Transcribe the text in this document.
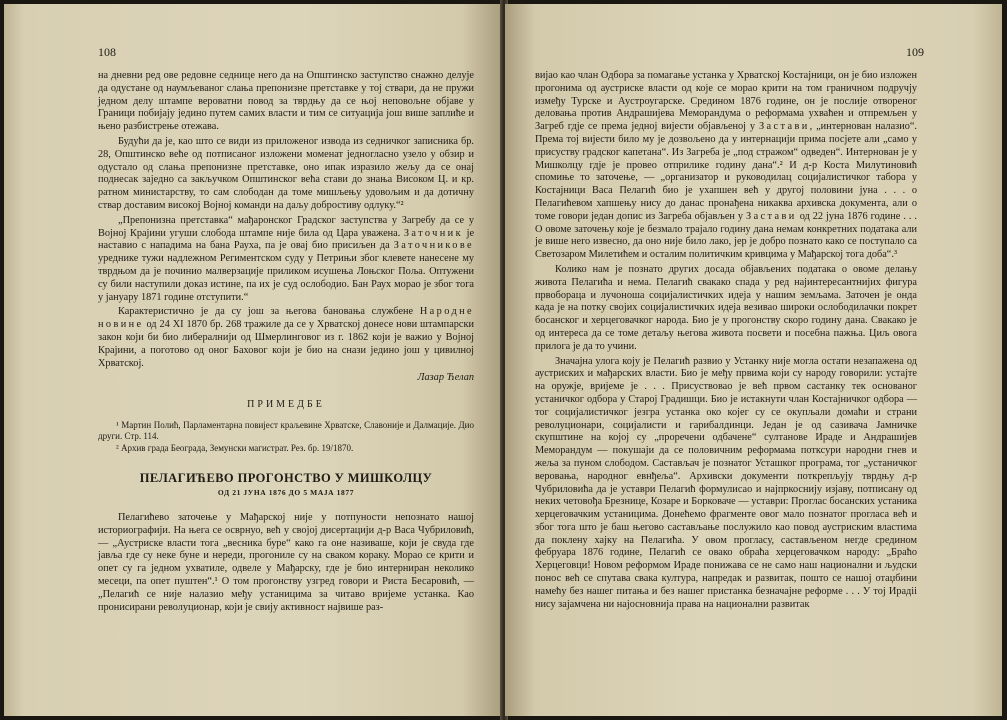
108

на дневни ред ове редовне седнице него да на Општинско заступство снажно делује да одустане од наумљеваног слања препонизне претставке у тој ствари, да не пружи једном делу штампе вероватни повод за тврдњу да се њој неповољне објаве у Граници побијају једино путем самих власти и тим се ситуација још више заплиће и њено разбистрење отежава.

Будући да је, као што се види из приложеног извода из седничког записника бр. 28, Општинско веће од потписаног изложени моменат једногласно узело у обзир и одустало од слања препонизне претставке, оно ипак изразило жељу да се онај поднесак заједно са закључком Општинског већа стави до знања Високом Ц. и кр. ратном министарству, то сам слободан да томе мишљењу удовољим и да дотичну ствар доставим високој Војној команди на даљу добростиву одлуку.“²

„Препонизна претставка“ мађаронског Градског заступства у Загребу да се у Војној Крајини угуши слобода штампе није била од Цара уважена. Заточник је наставио с нападима на бана Рауха, па је овај био присиљен да Заточникове уреднике тужи надлежном Региментском суду у Петрињи због клевете нанесене му тврдњом да је починио малверзације приликом исушења Лоњског Поља. Оптужени су били наступили доказ истине, па их је суд ослободио. Бан Раух морао је због тога у јануару 1871 године отступити.“

Карактеристично је да су још за његова бановања службене Народне новине од 24 XI 1870 бр. 268 тражиле да се у Хрватској донесе нови штампарски закон који би био либералнији од Шмерлинговог из г. 1862 који је важио у Војној Крајини, а поготово од оног Баховог који је био на снази једино још у цивилној Хрватској.

Лазар Ћелап

ПРИМЕДБЕ

¹ Мартин Полић, Парламентарна повијест краљевине Хрватске, Славоније и Далмације. Дио други. Стр. 114.

² Архив града Београда, Земунски магистрат. Рез. бр. 19/1870.

ПЕЛАГИЋЕВО ПРОГОНСТВО У МИШКОЛЦУ

ОД 21 ЈУНА 1876 ДО 5 МАЈА 1877

Пелагићево заточење у Мађарској није у потпуности непознато нашој историографији. На њега се осврнуо, већ у својој дисертацији д-р Васа Чубриловић, — „Аустриске власти тога „весника буре“ како га оне називаше, који је свуда где јавља где су неке буне и нереди, прогониле су на сваком кораку. Морао се крити и опет су га једном ухватиле, одвеле у Мађарску, где је био интерниран неколико месеци, па опет пуштен“.¹ О том прогонству узгред говори и Риста Бесаровић, — „Пелагић се није налазио међу устаницима за читаво вријеме устанка. Као пронисирани револуционар, који је свију активност највише раз-

109

вијао као члан Одбора за помагање устанка у Хрватској Костајници, он је био изложен прогонима од аустриске власти од које се морао крити на том граничном подручју између Турске и Аустроугарске. Средином 1876 године, он је послије отвореног деловања против Андрашијева Меморандума о реформама ухваћен и отпремљен у Загреб гдје се према једној вијести објављеној у Застави, „интернован налазио“. Према тој вијести било му је дозвољено да у интернацији прима посјете али „само у присуству градског капетана“. Из Загреба је „под стражом“ одведен“. Интернован је у Мишколцу гдје је провео отприлике годину дана“.² И д-р Коста Милутиновић спомиње то заточење, — „организатор и руководилац социјалистичког табора у Костајници Васа Пелагић био је ухапшен већ у другој половини јуна . . . о Пелагићевом хапшењу нису до данас пронађена никаква архивска документа, али о томе говори један допис из Загреба објављен у Застави од 22 јуна 1876 године . . . О овоме заточењу које је безмало трајало годину дана немам конкретних података али је више него извесно, да оно није било лако, јер је добро познато како се поступало са Светозаром Милетићем и осталим политичким кривцима у Мађарској тога доба“.³

Колико нам је познато других досада објављених података о овоме делању живота Пелагића и нема. Пелагић свакако спада у ред најинтересантнијих фигура првобораца и лучоноша социјалистичких идеја у нашим земљама. Заточен је онда када је на потку својих социјалистичких идеја везивао широки ослободилачки покрет босанског и херцеговачког народа. Био је у прогонству скоро годину дана. Свакако је од интереса да се томе детаљу његова живота посвети и посебна пажња. Циљ овога прилога је да то учини.

Значајна улога коју је Пелагић развио у Устанку није могла остати незапажена од аустриских и мађарских власти. Био је међу првима који су народу говорили: устајте на оружје, вријеме је . . . Присуствовао је већ првом састанку тек основаног устаничког одбора у Старој Градишци. Био је истакнути члан Костајничког одбора — тог социјалистичког језгра устанка око којег су се окупљали домаћи и страни револуционари, социјалисти и гарибалдинци. Један је од сазивача Јамничке скупштине на којој су „проречени одбачене“ султанове Ираде и Андрашијев Меморандум — покушаји да се половичним реформама потксури народни гнев и жеља за пуном слободом. Састављач је познатог Усташког програма, тог „устаничког веровања, народног евнђеља“. Архивски документи поткрепљују тврдњу д-р Чубриловића да је уставри Пелагић формулисао и најпркоснију изјаву, потписану од неких четовођа Брезнице, Козаре и Борковаче — уставри: Проглас босанских устаника херцеговачким устаницима. Донећемо фрагменте овог мало познатог прогласа већ и због тога што је баш његово састављање послужило као повод аустриским властима да поклену хајку на Пелагића. У овом прогласу, састављеном негде средином фебруара 1876 године, Пелагић се овако обраћа херцеговачком народу: „Браћо Херцеговци! Новом реформом Ираде понижава се не само наш национални и људски понос већ се спутава свака култура, напредак и развитак, пошто се нашој отаџбини намећу без нашег питања и без нашег пристанка безначајне реформе . . . У тој Ирадii нису зајамчена ни најосновнија права на национални развитак
